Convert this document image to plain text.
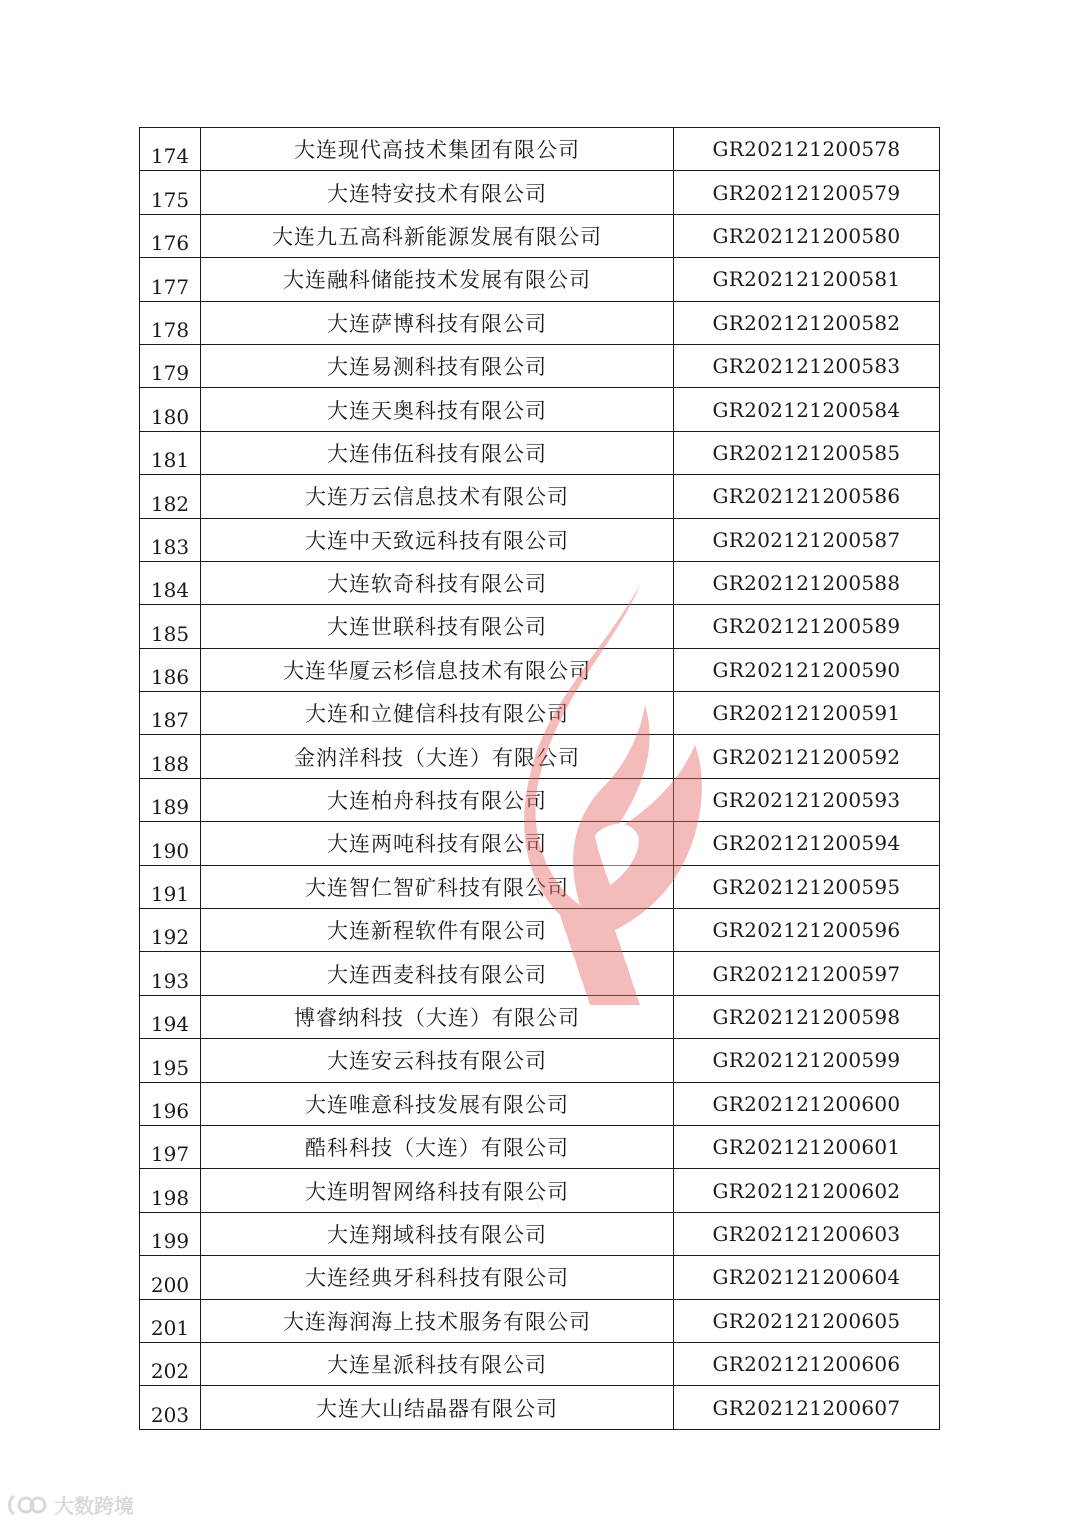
174	大连现代高技术集团有限公司	GR202121200578
175	大连特安技术有限公司	GR202121200579
176	大连九五高科新能源发展有限公司	GR202121200580
177	大连融科储能技术发展有限公司	GR202121200581
178	大连萨博科技有限公司	GR202121200582
179	大连易测科技有限公司	GR202121200583
180	大连天奥科技有限公司	GR202121200584
181	大连伟伍科技有限公司	GR202121200585
182	大连万云信息技术有限公司	GR202121200586
183	大连中天致远科技有限公司	GR202121200587
184	大连软奇科技有限公司	GR202121200588
185	大连世联科技有限公司	GR202121200589
186	大连华厦云杉信息技术有限公司	GR202121200590
187	大连和立健信科技有限公司	GR202121200591
188	金汭洋科技（大连）有限公司	GR202121200592
189	大连柏舟科技有限公司	GR202121200593
190	大连两吨科技有限公司	GR202121200594
191	大连智仁智矿科技有限公司	GR202121200595
192	大连新程软件有限公司	GR202121200596
193	大连西麦科技有限公司	GR202121200597
194	博睿纳科技（大连）有限公司	GR202121200598
195	大连安云科技有限公司	GR202121200599
196	大连唯意科技发展有限公司	GR202121200600
197	酷科科技（大连）有限公司	GR202121200601
198	大连明智网络科技有限公司	GR202121200602
199	大连翔域科技有限公司	GR202121200603
200	大连经典牙科科技有限公司	GR202121200604
201	大连海润海上技术服务有限公司	GR202121200605
202	大连星派科技有限公司	GR202121200606
203	大连大山结晶器有限公司	GR202121200607
大数跨境
